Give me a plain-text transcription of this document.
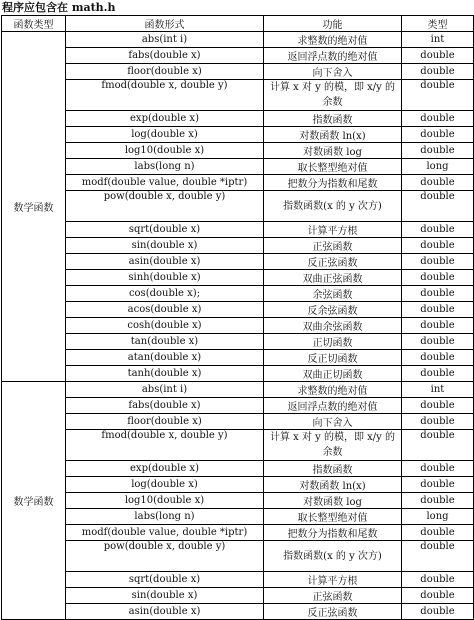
程序应包含在 math.h
函数类型	函数形式	功能	类型
数学函数	abs(int i)	求整数的绝对值	int
	fabs(double x)	返回浮点数的绝对值	double
	floor(double x)	向下舍入	double
	fmod(double x, double y)	计算 x 对 y 的模，即 x/y 的余数	double
	exp(double x)	指数函数	double
	log(double x)	对数函数 ln(x)	double
	log10(double x)	对数函数 log	double
	labs(long n)	取长整型绝对值	long
	modf(double value, double *iptr)	把数分为指数和尾数	double
	pow(double x, double y)	指数函数(x 的 y 次方)	double
	sqrt(double x)	计算平方根	double
	sin(double x)	正弦函数	double
	asin(double x)	反正弦函数	double
	sinh(double x)	双曲正弦函数	double
	cos(double x);	余弦函数	double
	acos(double x)	反余弦函数	double
	cosh(double x)	双曲余弦函数	double
	tan(double x)	正切函数	double
	atan(double x)	反正切函数	double
	tanh(double x)	双曲正切函数	double
数学函数	abs(int i)	求整数的绝对值	int
	fabs(double x)	返回浮点数的绝对值	double
	floor(double x)	向下舍入	double
	fmod(double x, double y)	计算 x 对 y 的模，即 x/y 的余数	double
	exp(double x)	指数函数	double
	log(double x)	对数函数 ln(x)	double
	log10(double x)	对数函数 log	double
	labs(long n)	取长整型绝对值	long
	modf(double value, double *iptr)	把数分为指数和尾数	double
	pow(double x, double y)	指数函数(x 的 y 次方)	double
	sqrt(double x)	计算平方根	double
	sin(double x)	正弦函数	double
	asin(double x)	反正弦函数	double
